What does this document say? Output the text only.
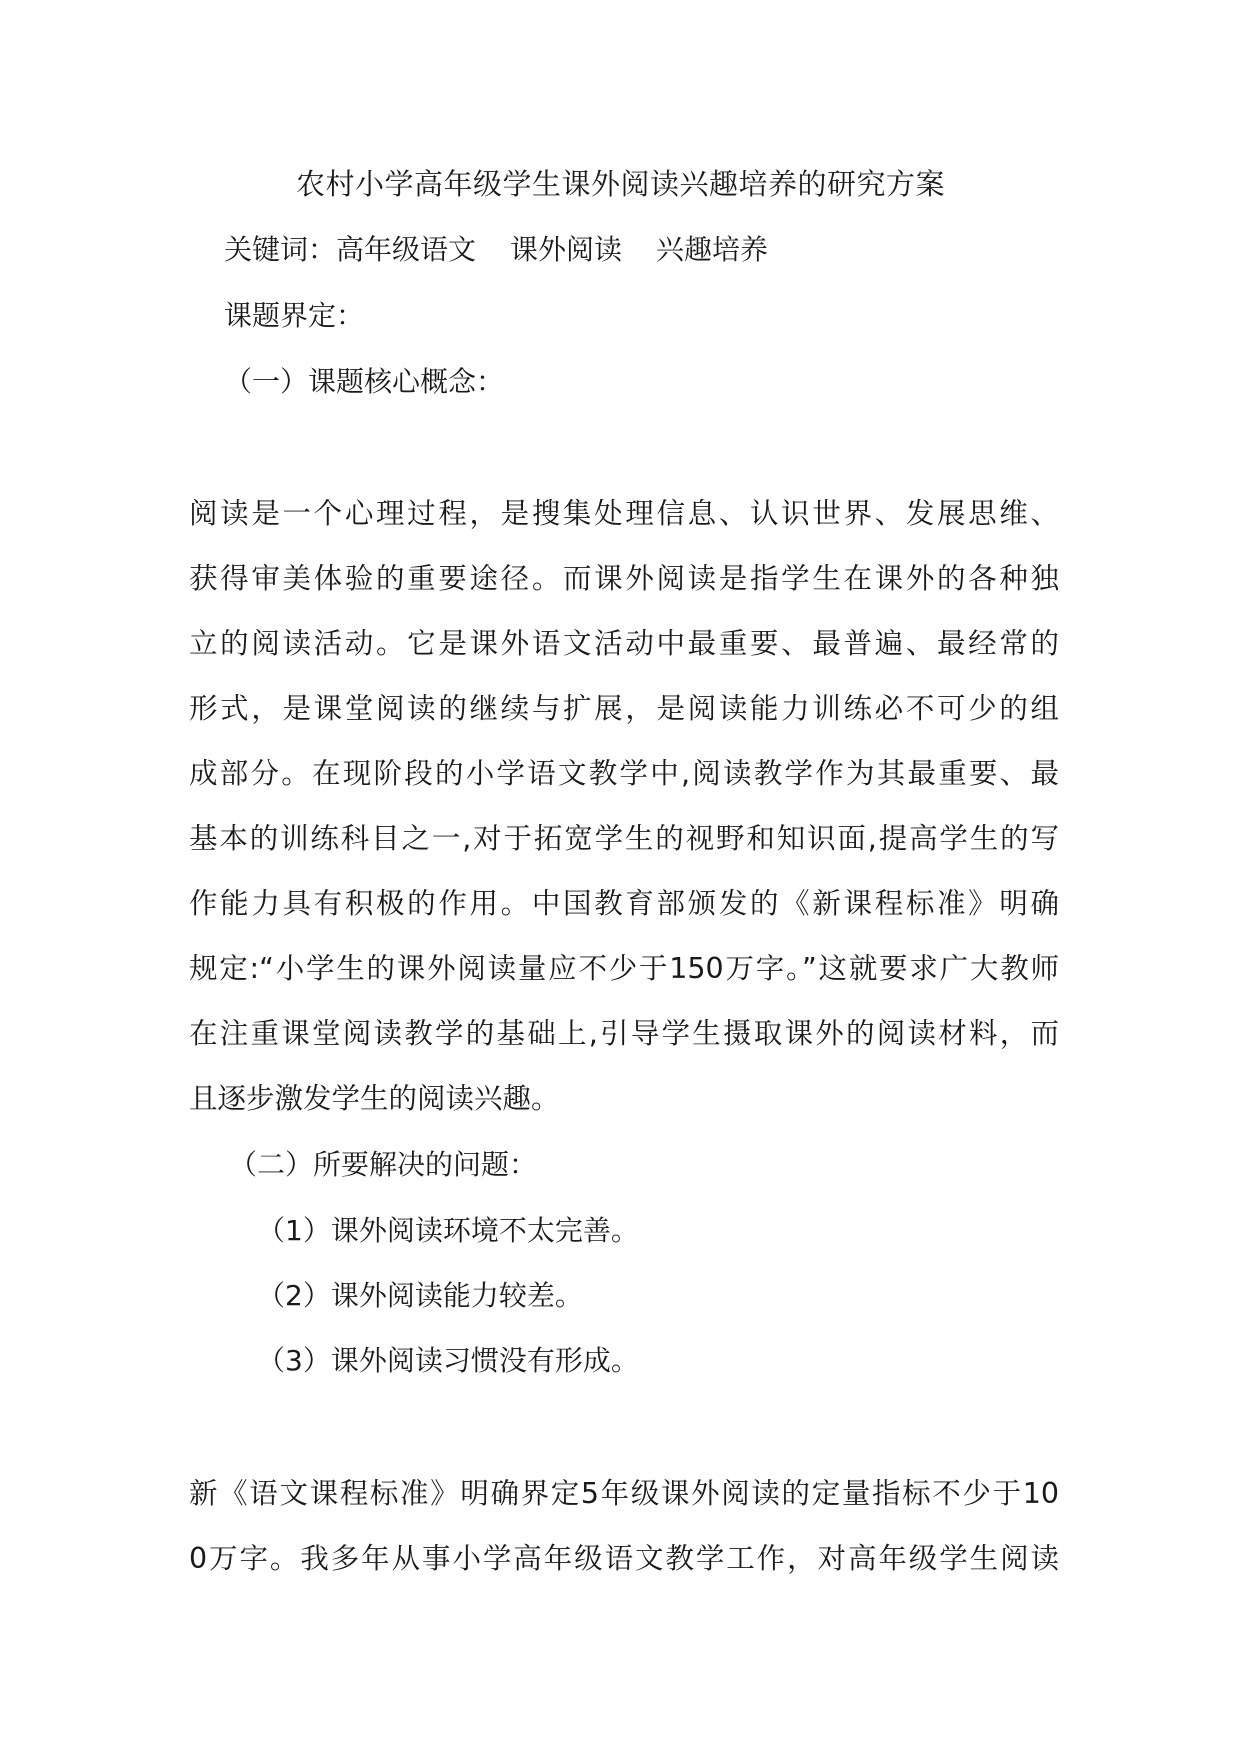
农村小学高年级学生课外阅读兴趣培养的研究方案
关键词：高年级语文 课外阅读 兴趣培养
课题界定：
（一）课题核心概念：
阅读是一个心理过程，是搜集处理信息、认识世界、发展思维、
获得审美体验的重要途径。而课外阅读是指学生在课外的各种独
立的阅读活动。它是课外语文活动中最重要、最普遍、最经常的
形式，是课堂阅读的继续与扩展，是阅读能力训练必不可少的组
成部分。在现阶段的小学语文教学中,阅读教学作为其最重要、最
基本的训练科目之一,对于拓宽学生的视野和知识面,提高学生的写
作能力具有积极的作用。中国教育部颁发的《新课程标准》明确
规定:“小学生的课外阅读量应不少于150万字。”这就要求广大教师
在注重课堂阅读教学的基础上,引导学生摄取课外的阅读材料，而
且逐步激发学生的阅读兴趣。
（二）所要解决的问题：
（1）课外阅读环境不太完善。
（2）课外阅读能力较差。
（3）课外阅读习惯没有形成。
新《语文课程标准》明确界定5年级课外阅读的定量指标不少于10
0万字。我多年从事小学高年级语文教学工作，对高年级学生阅读
